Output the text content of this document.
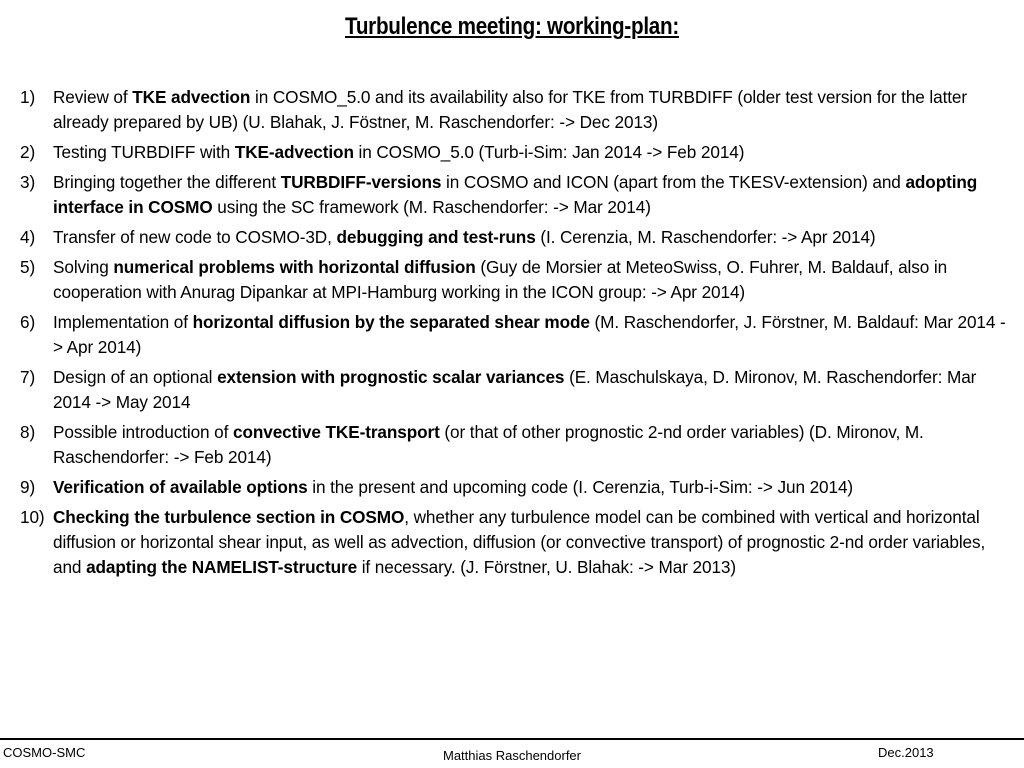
Turbulence meeting: working-plan:
1)	Review of TKE advection in COSMO_5.0 and its availability also for TKE from TURBDIFF (older test version for the latter already prepared by UB) (U. Blahak, J. Föstner, M. Raschendorfer: -> Dec 2013)
2)	Testing TURBDIFF with TKE-advection in COSMO_5.0 (Turb-i-Sim: Jan 2014 -> Feb 2014)
3)	Bringing together the different TURBDIFF-versions in COSMO and ICON (apart from the TKESV-extension) and adopting interface in COSMO using the SC framework (M. Raschendorfer: -> Mar 2014)
4)	Transfer of new code to COSMO-3D, debugging and test-runs (I. Cerenzia, M. Raschendorfer: -> Apr 2014)
5)	Solving numerical problems with horizontal diffusion (Guy de Morsier at MeteoSwiss, O. Fuhrer, M. Baldauf, also in cooperation with Anurag Dipankar at MPI-Hamburg working in the ICON group: -> Apr 2014)
6)	Implementation of horizontal diffusion by the separated shear mode (M. Raschendorfer, J. Förstner, M. Baldauf: Mar 2014 -> Apr 2014)
7)	Design of an optional extension with prognostic scalar variances (E. Maschulskaya, D. Mironov, M. Raschendorfer: Mar 2014 -> May 2014
8)	Possible introduction of convective TKE-transport (or that of other prognostic 2-nd order variables) (D. Mironov, M. Raschendorfer: -> Feb 2014)
9)	Verification of available options in the present and upcoming code (I. Cerenzia, Turb-i-Sim: -> Jun 2014)
10) Checking the turbulence section in COSMO, whether any turbulence model can be combined with vertical and horizontal diffusion or horizontal shear input, as well as advection, diffusion (or convective transport) of prognostic 2-nd order variables, and adapting the NAMELIST-structure if necessary. (J. Förstner, U. Blahak: -> Mar 2013)
COSMO-SMC	Matthias Raschendorfer	Dec.2013
